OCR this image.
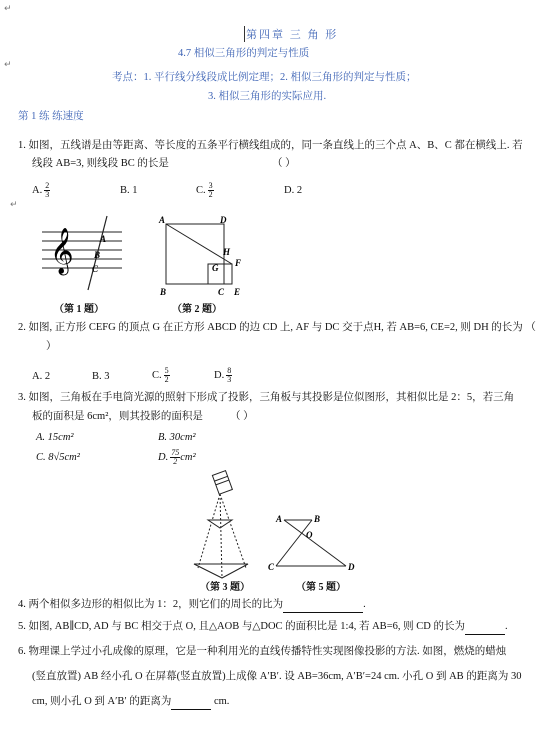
↵
↵
↵
第四章 三 角 形
4.7 相似三角形的判定与性质
考点：1. 平行线分线段成比例定理；2. 相似三角形的判定与性质；
3. 相似三角形的实际应用.
第 1 练 练速度
1. 如图，五线谱是由等距离、等长度的五条平行横线组成的，同一条直线上的三个点 A、B、C 都在横线上. 若
线段 AB=3, 则线段 BC 的长是	（ ）
A. $\frac{2}{3}$	B. 1	C. $\frac{3}{2}$	D. 2
𝄞	A
B
C
（第 1 题）
A	D
H
G F
B	C E
（第 2 题）
2. 如图, 正方形 CEFG 的顶点 G 在正方形 ABCD 的边 CD 上, AF 与 DC 交于点H, 若 AB=6, CE=2, 则 DH 的长为 （
）
A. 2	B. 3	C. $\frac{5}{2}$	D. $\frac{8}{3}$
3. 如图，三角板在手电筒光源的照射下形成了投影，三角板与其投影是位似图形，其相似比是 2：5，若三角
板的面积是 6cm²，则其投影的面积是	（ ）
A. 15cm²	B. 30cm²
C. 8√5cm²	D. $\frac{75}{2} cm^2$
（第 3 题）
A	B
O
C	D
（第 5 题）
4. 两个相似多边形的相似比为 1：2，则它们的周长的比为	.
5. 如图, AB∥CD, AD 与 BC 相交于点 O, 且△AOB 与△DOC 的面积比是 1:4, 若 AB=6, 则 CD 的长为	.
6. 物理课上学过小孔成像的原理，它是一种利用光的直线传播特性实现图像投影的方法. 如图，燃烧的蜡烛
(竖直放置) AB 经小孔 O 在屏幕(竖直放置)上成像 A′B′. 设 AB=36cm, A′B′=24 cm. 小孔 O 到 AB 的距离为 30
cm, 则小孔 O 到 A′B′ 的距离为	cm.
